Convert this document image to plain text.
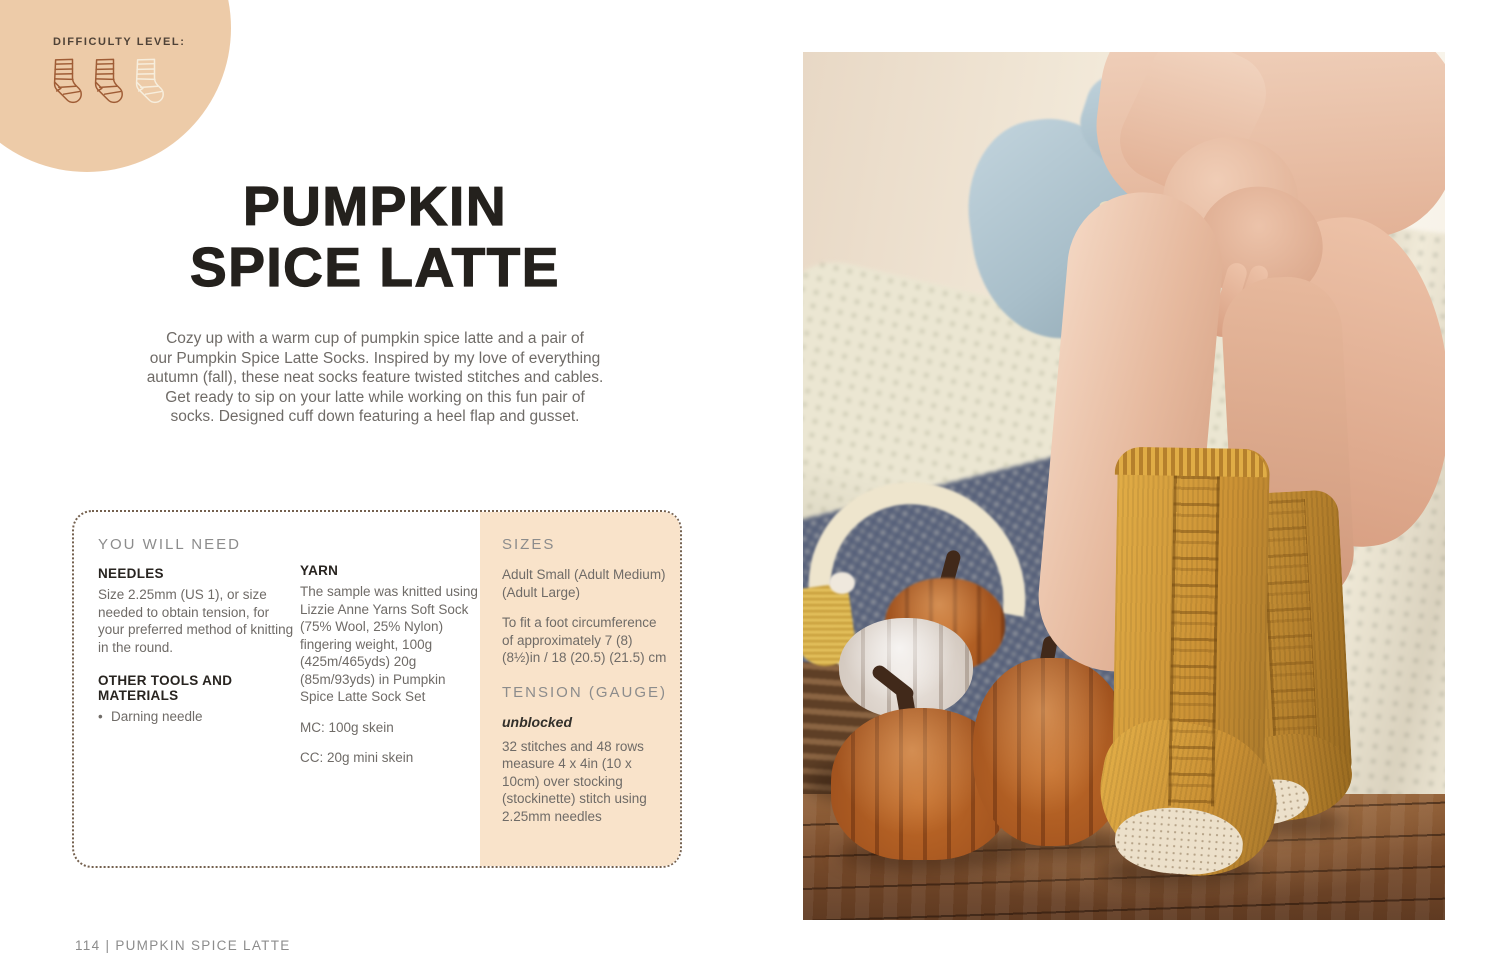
DIFFICULTY LEVEL:
PUMPKIN
SPICE LATTE
Cozy up with a warm cup of pumpkin spice latte and a pair of
our Pumpkin Spice Latte Socks. Inspired by my love of everything
autumn (fall), these neat socks feature twisted stitches and cables.
Get ready to sip on your latte while working on this fun pair of
socks. Designed cuff down featuring a heel flap and gusset.

YOU WILL NEED

NEEDLES

Size 2.25mm (US 1), or size needed to obtain tension, for your preferred method of knitting in the round.

OTHER TOOLS AND MATERIALS

• Darning needle

YARN

The sample was knitted using Lizzie Anne Yarns Soft Sock (75% Wool, 25% Nylon) fingering weight, 100g (425m/465yds) 20g (85m/93yds) in Pumpkin Spice Latte Sock Set

MC: 100g skein

CC: 20g mini skein

SIZES

Adult Small (Adult Medium) (Adult Large)

To fit a foot circumference of approximately 7 (8) (8½)in / 18 (20.5) (21.5) cm

TENSION (GAUGE)

unblocked

32 stitches and 48 rows measure 4 x 4in (10 x 10cm) over stocking (stockinette) stitch using 2.25mm needles

114 | PUMPKIN SPICE LATTE
